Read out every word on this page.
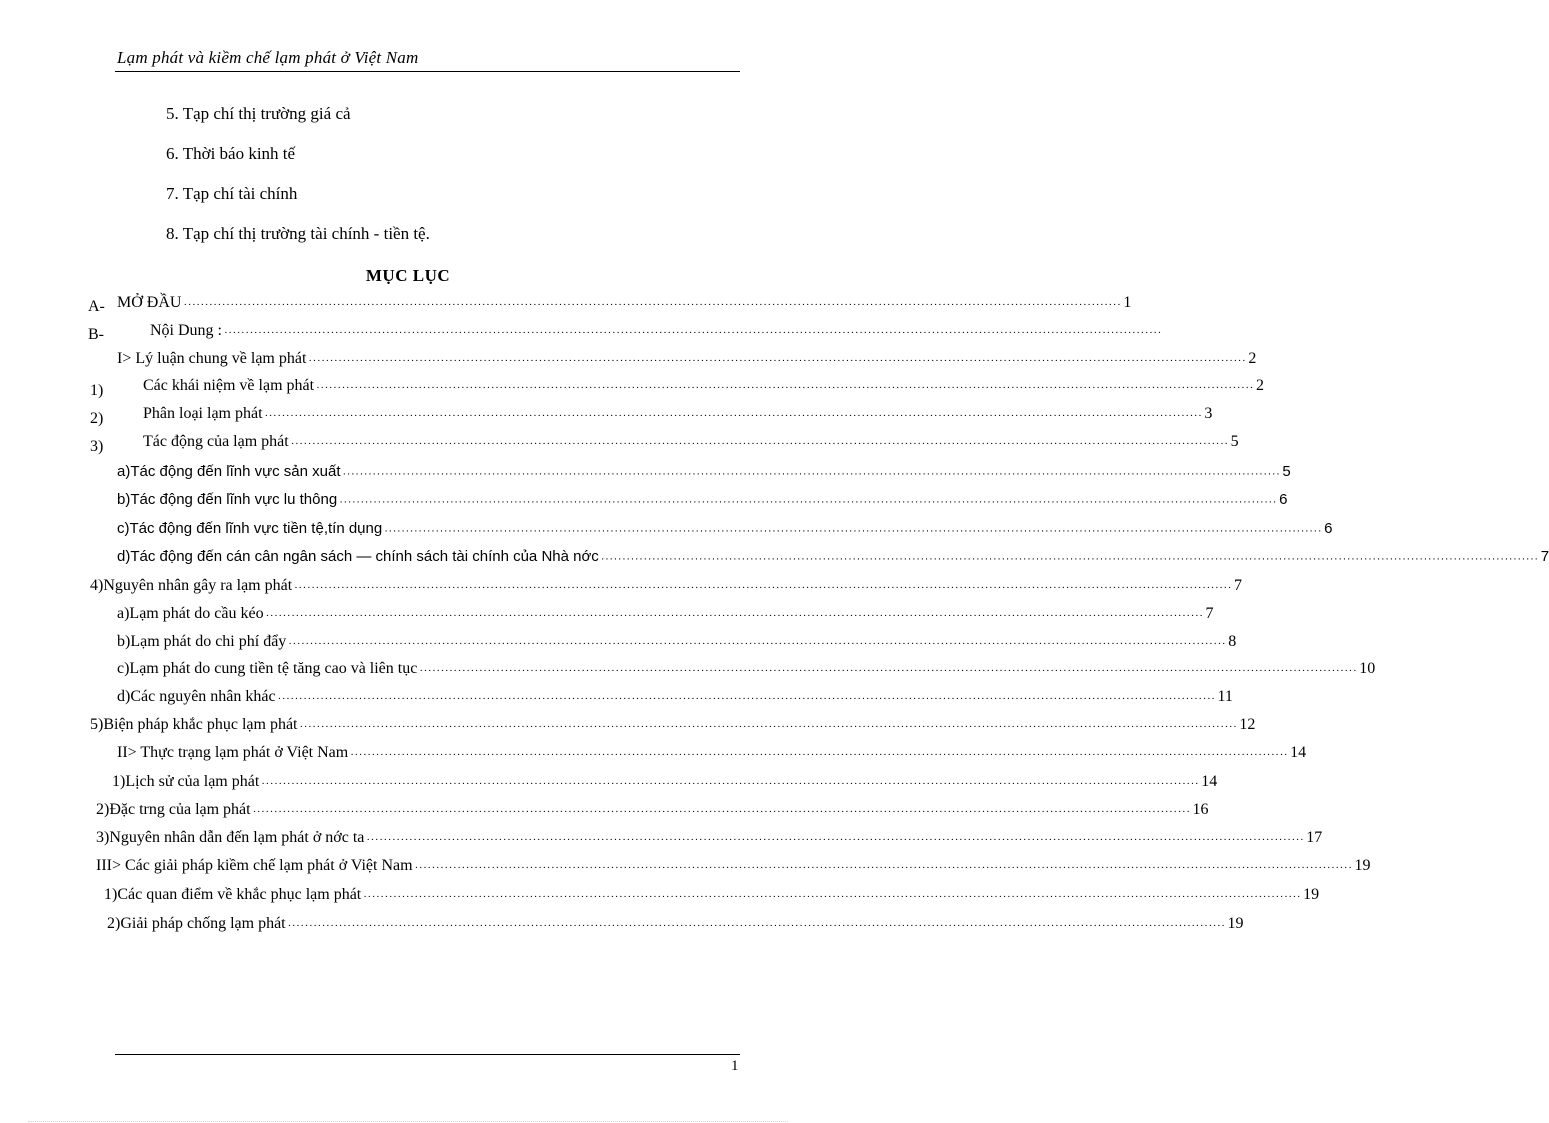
Lạm phát và kiềm chế lạm phát ở Việt Nam
5. Tạp chí thị trường giá cả
6. Thời báo kinh tế
7. Tạp chí tài chính
8. Tạp chí thị trường tài chính - tiền tệ.
MỤC LỤC
MỞ ĐẦU ···························································································································································································································· 1
A-
Nội Dung : ····························································································································································································································
B-
I> Lý luận chung về lạm phát ···························································································································································································································· 2
Các khái niệm về lạm phát ···························································································································································································································· 2
1)
Phân loại lạm phát ···························································································································································································································· 3
2)
Tác động của lạm phát ···························································································································································································································· 5
3)
a)Tác động đến lĩnh vực sản xuất ···························································································································································································································· 5
b)Tác động đến lĩnh vực lu thông ···························································································································································································································· 6
c)Tác động đến lĩnh vực tiền tệ,tín dụng ···························································································································································································································· 6
d)Tác động đến cán cân ngân sách — chính sách tài chính của Nhà nớc ···························································································································································································································· 7
4)Nguyên nhân gây ra lạm phát ···························································································································································································································· 7
a)Lạm phát do cầu kéo ···························································································································································································································· 7
b)Lạm phát do chi phí đẩy ···························································································································································································································· 8
c)Lạm phát do cung tiền tệ tăng cao và liên tục ···························································································································································································································· 10
d)Các nguyên nhân khác ···························································································································································································································· 11
5)Biện pháp khắc phục lạm phát ···························································································································································································································· 12
II> Thực trạng lạm phát ở Việt Nam ···························································································································································································································· 14
1)Lịch sử của lạm phát ···························································································································································································································· 14
2)Đặc trng của lạm phát ···························································································································································································································· 16
3)Nguyên nhân dẫn đến lạm phát ở nớc ta ···························································································································································································································· 17
III> Các giải pháp kiềm chế lạm phát ở Việt Nam ···························································································································································································································· 19
1)Các quan điểm về khắc phục lạm phát ···························································································································································································································· 19
2)Giải pháp chống lạm phát ···························································································································································································································· 19
1
